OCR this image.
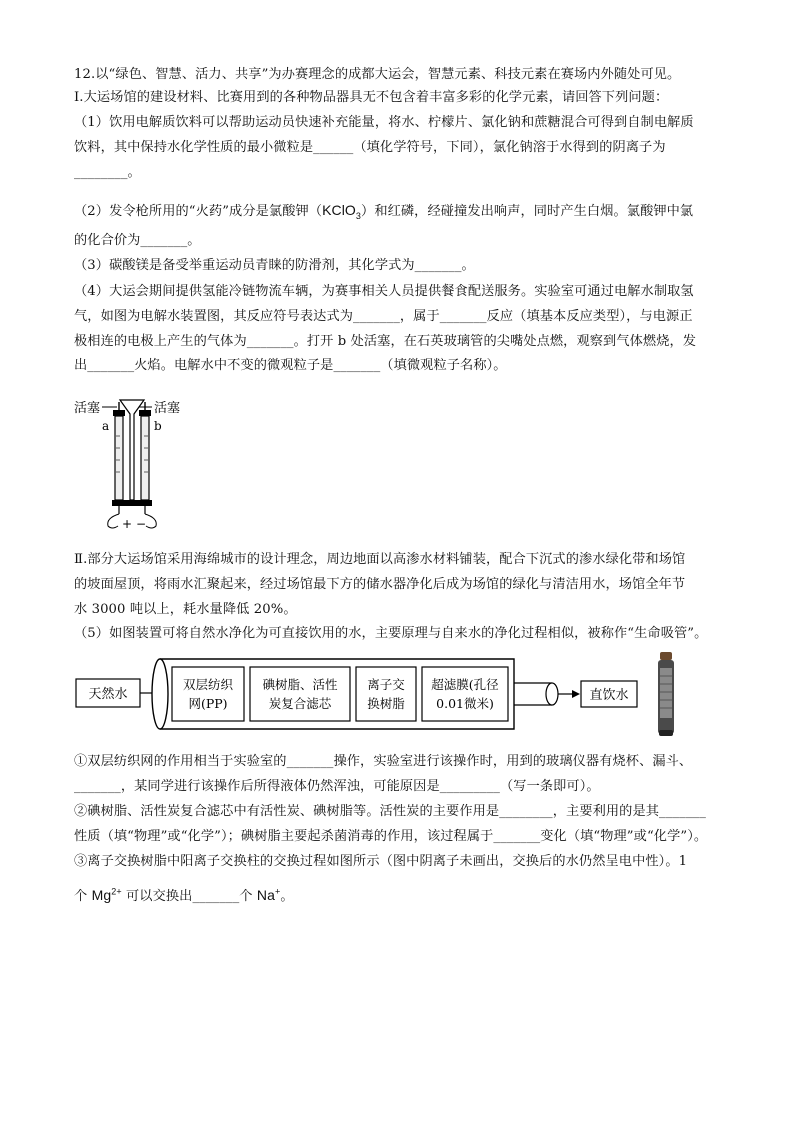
12.以“绿色、智慧、活力、共享”为办赛理念的成都大运会，智慧元素、科技元素在赛场内外随处可见。
Ⅰ.大运场馆的建设材料、比赛用到的各种物品器具无不包含着丰富多彩的化学元素，请回答下列问题：
（1）饮用电解质饮料可以帮助运动员快速补充能量，将水、柠檬片、氯化钠和蔗糖混合可得到自制电解质
饮料，其中保持水化学性质的最小微粒是______（填化学符号，下同），氯化钠溶于水得到的阴离子为
________。
（2）发令枪所用的“火药”成分是氯酸钾（KClO$_3$）和红磷，经碰撞发出响声，同时产生白烟。氯酸钾中氯
的化合价为_______。
（3）碳酸镁是备受举重运动员青睐的防滑剂，其化学式为_______。
（4）大运会期间提供氢能冷链物流车辆，为赛事相关人员提供餐食配送服务。实验室可通过电解水制取氢
气，如图为电解水装置图，其反应符号表达式为_______，属于_______反应（填基本反应类型），与电源正
极相连的电极上产生的气体为_______。打开 b 处活塞，在石英玻璃管的尖嘴处点燃，观察到气体燃烧，发
出_______火焰。电解水中不变的微观粒子是_______（填微观粒子名称）。
活塞	活塞
a	b
+ −
Ⅱ.部分大运场馆采用海绵城市的设计理念，周边地面以高渗水材料铺装，配合下沉式的渗水绿化带和场馆
的坡面屋顶，将雨水汇聚起来，经过场馆最下方的储水器净化后成为场馆的绿化与清洁用水，场馆全年节
水 3000 吨以上，耗水量降低 20%。
（5）如图装置可将自然水净化为可直接饮用的水，主要原理与自来水的净化过程相似，被称作“生命吸管”。
天然水
双层纺织
网(PP)
碘树脂、活性
炭复合滤芯
离子交
换树脂
超滤膜(孔径
0.01微米)
直饮水
①双层纺织网的作用相当于实验室的_______操作，实验室进行该操作时，用到的玻璃仪器有烧杯、漏斗、
_______，某同学进行该操作后所得液体仍然浑浊，可能原因是_________（写一条即可）。
②碘树脂、活性炭复合滤芯中有活性炭、碘树脂等。活性炭的主要作用是________，主要利用的是其_______
性质（填“物理”或“化学”）；碘树脂主要起杀菌消毒的作用，该过程属于_______变化（填“物理”或“化学”）。
③离子交换树脂中阳离子交换柱的交换过程如图所示（图中阴离子未画出，交换后的水仍然呈电中性）。1
个 $Mg^{2+}$ 可以交换出_______个 Na+。
